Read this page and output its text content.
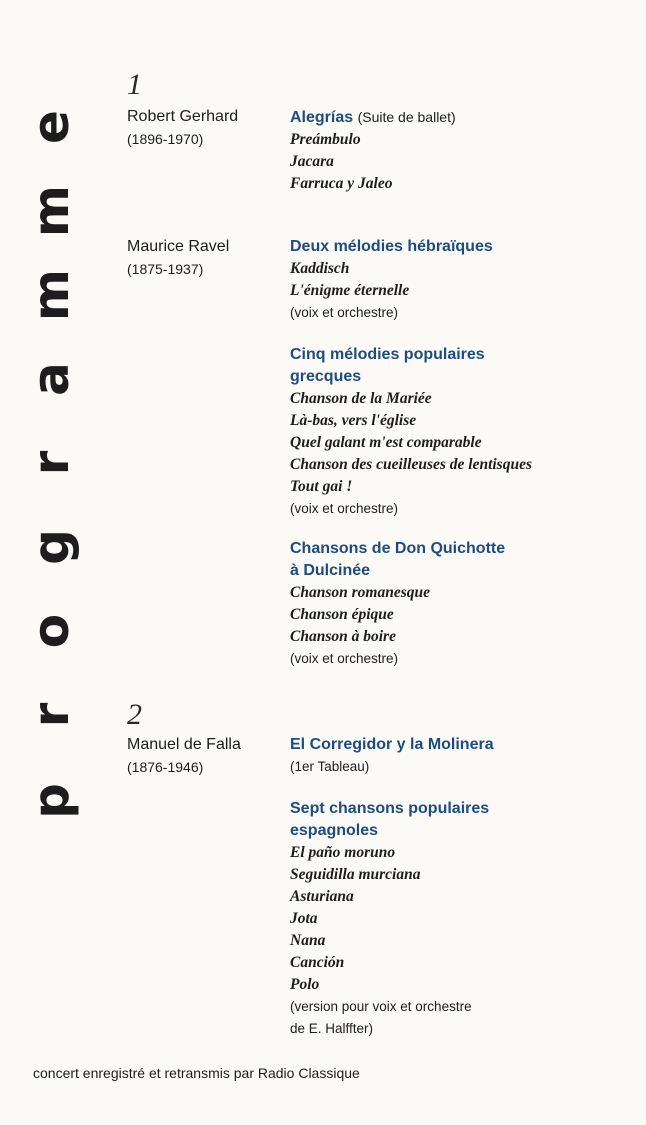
e
m
m
a
r
g
o
r
p
1
Robert Gerhard
(1896-1970)
Alegrías (Suite de ballet)
Preámbulo
Jacara
Farruca y Jaleo
Maurice Ravel
(1875-1937)
Deux mélodies hébraïques
Kaddisch
L'énigme éternelle
(voix et orchestre)
Cinq mélodies populaires
grecques
Chanson de la Mariée
Là-bas, vers l'église
Quel galant m'est comparable
Chanson des cueilleuses de lentisques
Tout gai !
(voix et orchestre)
Chansons de Don Quichotte
à Dulcinée
Chanson romanesque
Chanson épique
Chanson à boire
(voix et orchestre)
2
Manuel de Falla
(1876-1946)
El Corregidor y la Molinera
(1er Tableau)
Sept chansons populaires
espagnoles
El paño moruno
Seguidilla murciana
Asturiana
Jota
Nana
Canción
Polo
(version pour voix et orchestre
de E. Halffter)
concert enregistré et retransmis par Radio Classique
